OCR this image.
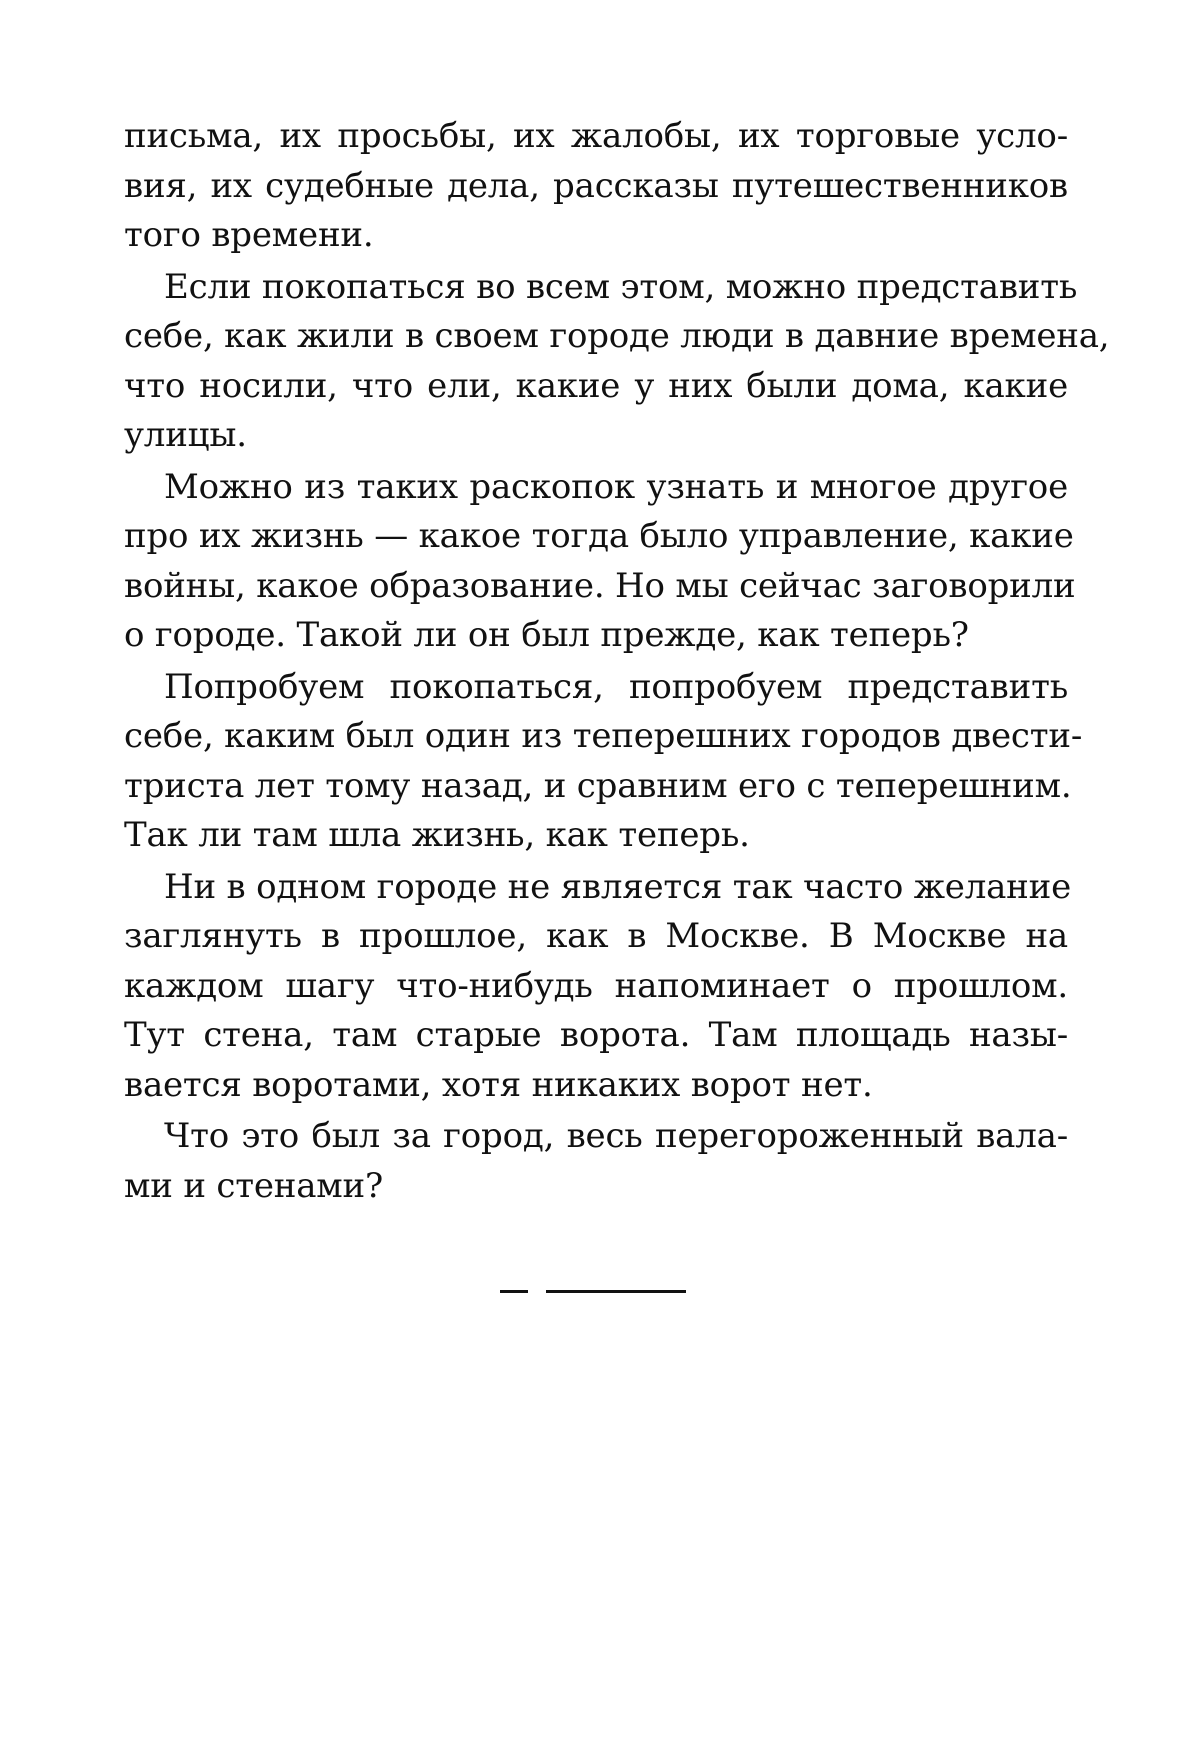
письма, их просьбы, их жалобы, их торговые усло-
вия, их судебные дела, рассказы путешественников
того времени.
Если покопаться во всем этом, можно представить
себе, как жили в своем городе люди в давние времена,
что носили, что ели, какие у них были дома, какие
улицы.
Можно из таких раскопок узнать и многое другое
про их жизнь — какое тогда было управление, какие
войны, какое образование. Но мы сейчас заговорили
о городе. Такой ли он был прежде, как теперь?
Попробуем покопаться, попробуем представить
себе, каким был один из теперешних городов двести-
триста лет тому назад, и сравним его с теперешним.
Так ли там шла жизнь, как теперь.
Ни в одном городе не является так часто желание
заглянуть в прошлое, как в Москве. В Москве на
каждом шагу что-нибудь напоминает о прошлом.
Тут стена, там старые ворота. Там площадь назы-
вается воротами, хотя никаких ворот нет.
Что это был за город, весь перегороженный вала-
ми и стенами?
